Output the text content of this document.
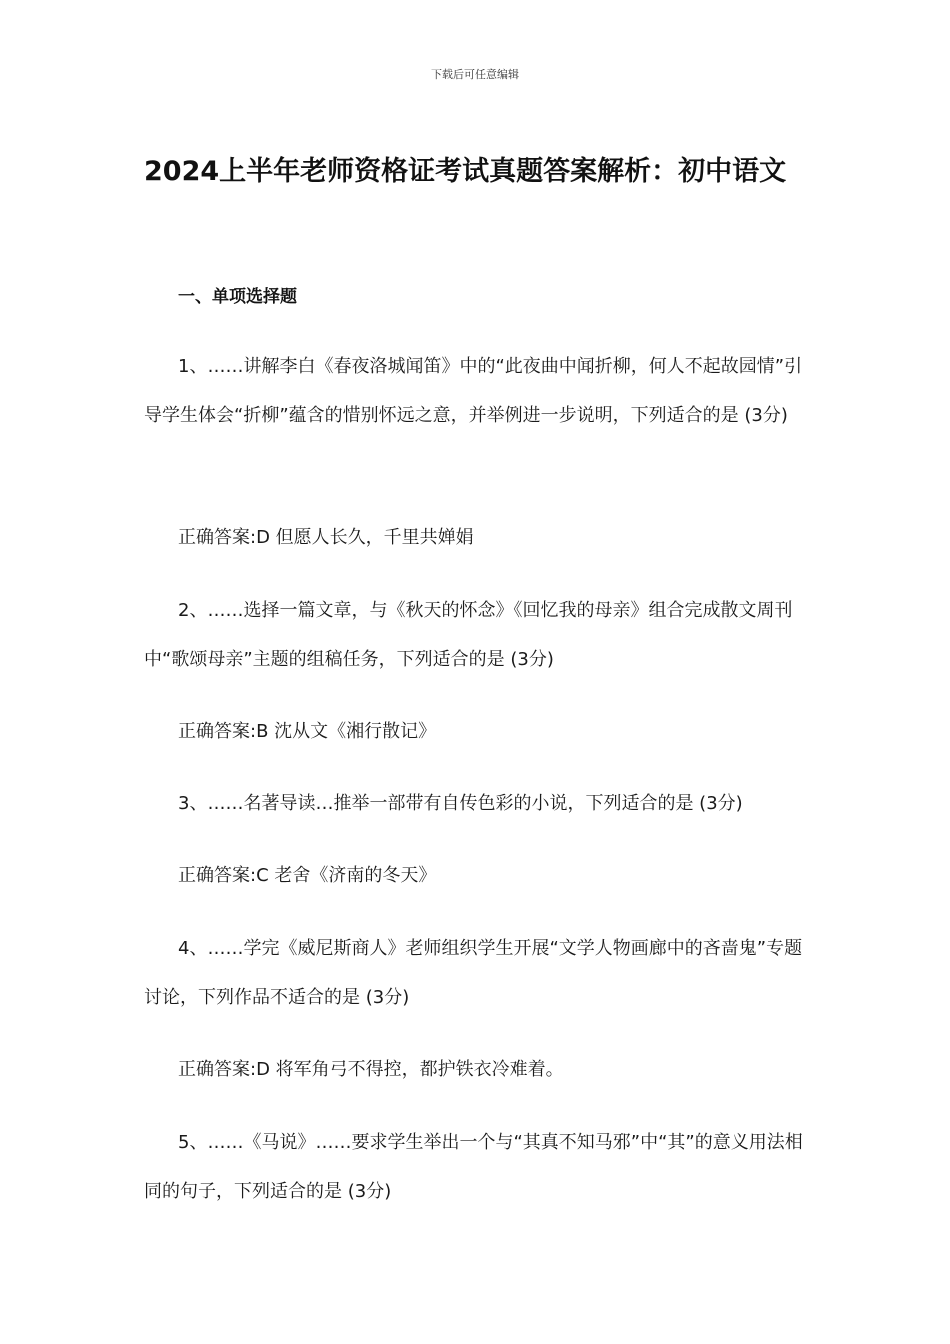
下载后可任意编辑
2024上半年老师资格证考试真题答案解析：初中语文
一、单项选择题

1、……讲解李白《春夜洛城闻笛》中的“此夜曲中闻折柳，何人不起故园情”引导学生体会“折柳”蕴含的惜别怀远之意，并举例进一步说明，下列适合的是 (3分)

正确答案:D 但愿人长久，千里共婵娟

2、……选择一篇文章，与《秋天的怀念》《回忆我的母亲》组合完成散文周刊中“歌颂母亲”主题的组稿任务，下列适合的是 (3分)

正确答案:B 沈从文《湘行散记》

3、……名著导读…推举一部带有自传色彩的小说，下列适合的是 (3分)

正确答案:C 老舍《济南的冬天》

4、……学完《威尼斯商人》老师组织学生开展“文学人物画廊中的吝啬鬼”专题讨论，下列作品不适合的是 (3分)

正确答案:D 将军角弓不得控，都护铁衣冷难着。

5、……《马说》……要求学生举出一个与“其真不知马邪”中“其”的意义用法相同的句子，下列适合的是 (3分)
